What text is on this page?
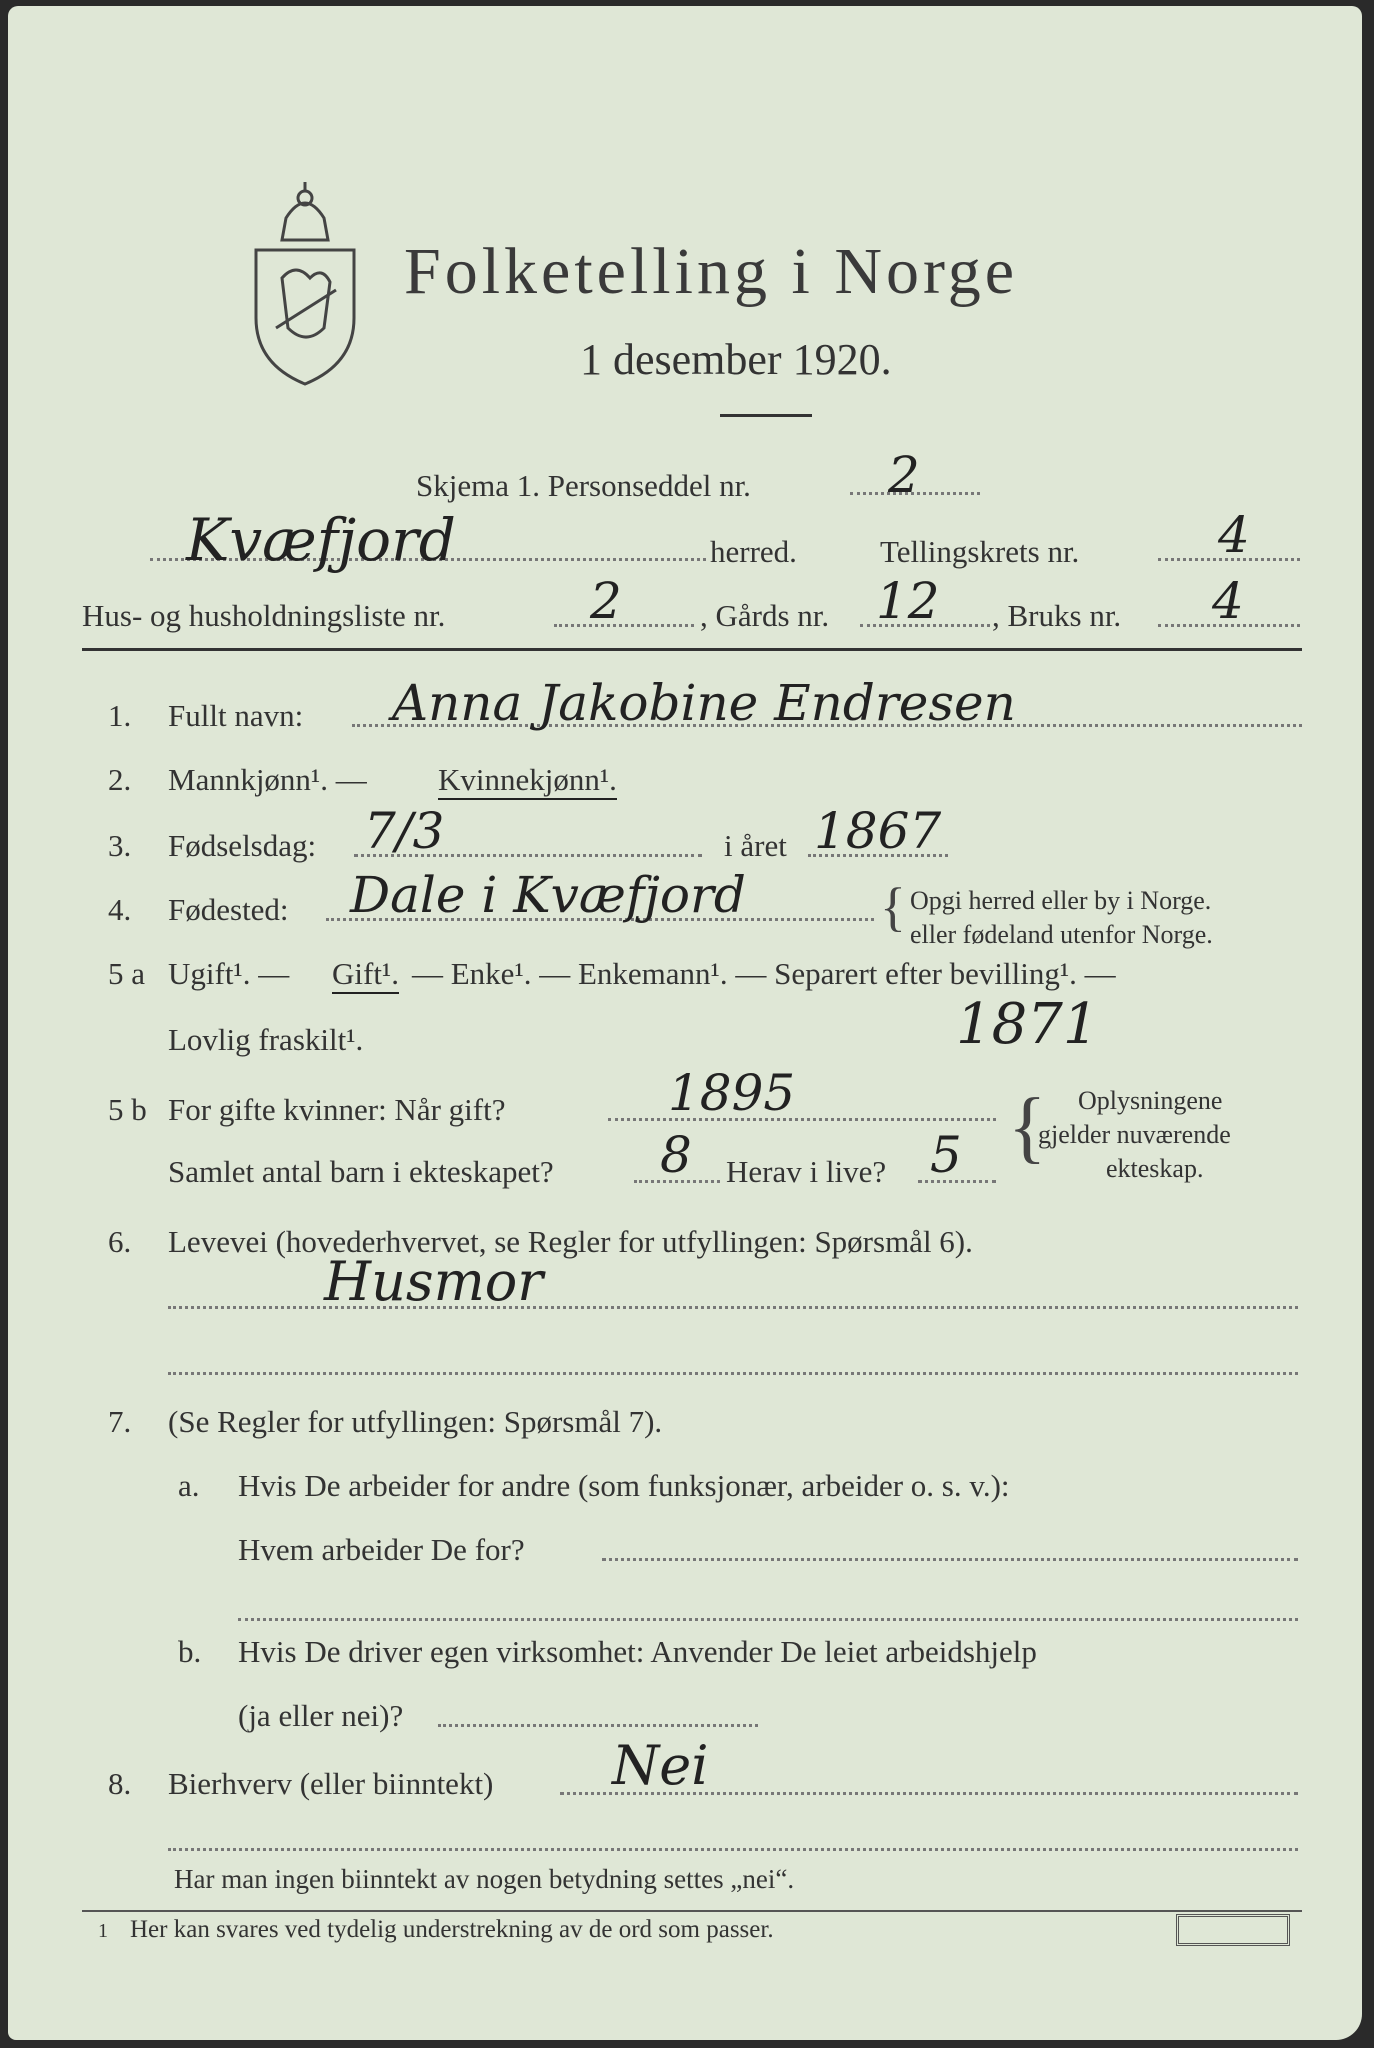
Folketelling i Norge
1 desember 1920.
Skjema 1. Personseddel nr.	2
Kvæfjord	herred.	Tellingskrets nr.	4
Hus- og husholdningsliste nr.	2	, Gårds nr. 12 , Bruks nr. 4
1. Fullt navn: Anna Jakobine Endresen
2. Mannkjønn¹. — Kvinnekjønn¹.
3. Fødselsdag: 7/3	i året 1867
4. Fødested: Dale i Kvæfjord { Opgi herred eller by i Norge.
eller fødeland utenfor Norge.
5 a Ugift¹. — Gift¹. — Enke¹. — Enkemann¹. — Separert efter bevilling¹. —
Lovlig fraskilt¹.	1871
5 b For gifte kvinner: Når gift?	1895
Samlet antal barn i ekteskapet? 8 Herav i live? 5 { Oplysningene
gjelder nuværende
ekteskap.
6. Levevei (hovederhvervet, se Regler for utfyllingen: Spørsmål 6).
Husmor
7. (Se Regler for utfyllingen: Spørsmål 7).
a. Hvis De arbeider for andre (som funksjonær, arbeider o. s. v.):
Hvem arbeider De for?
b. Hvis De driver egen virksomhet: Anvender De leiet arbeidshjelp
(ja eller nei)?
8. Bierhverv (eller biinntekt) Nei
Har man ingen biinntekt av nogen betydning settes „nei“.
1 Her kan svares ved tydelig understrekning av de ord som passer.
